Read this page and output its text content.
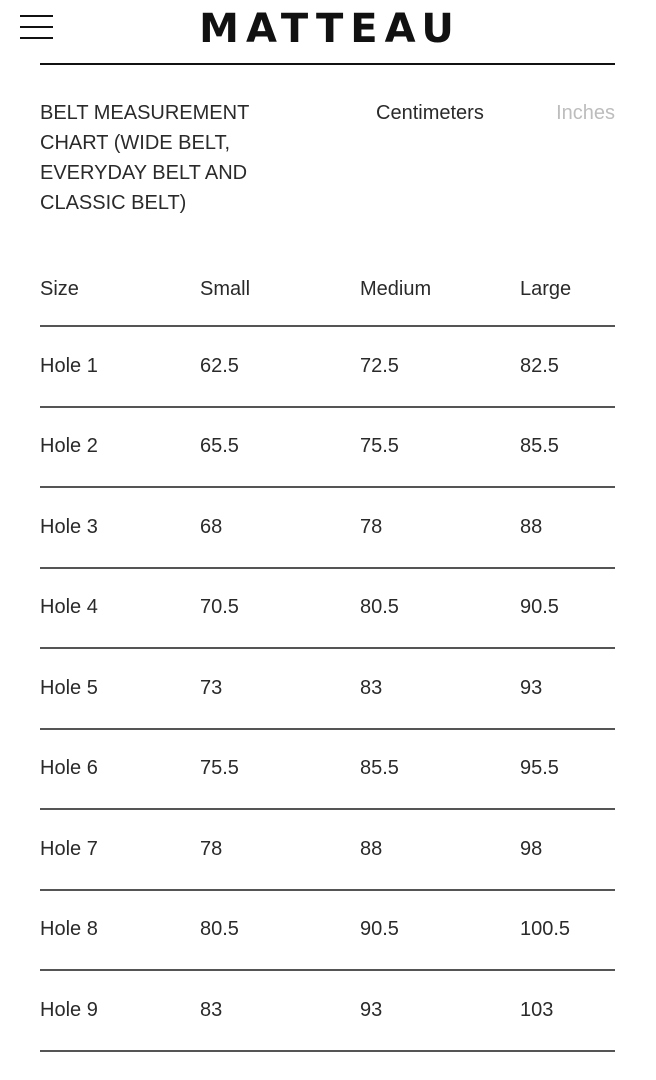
MATTEAU
BELT MEASUREMENT CHART (WIDE BELT, EVERYDAY BELT AND CLASSIC BELT)
Centimeters	Inches
Size	Small	Medium	Large
Hole 1	62.5	72.5	82.5
Hole 2	65.5	75.5	85.5
Hole 3	68	78	88
Hole 4	70.5	80.5	90.5
Hole 5	73	83	93
Hole 6	75.5	85.5	95.5
Hole 7	78	88	98
Hole 8	80.5	90.5	100.5
Hole 9	83	93	103
